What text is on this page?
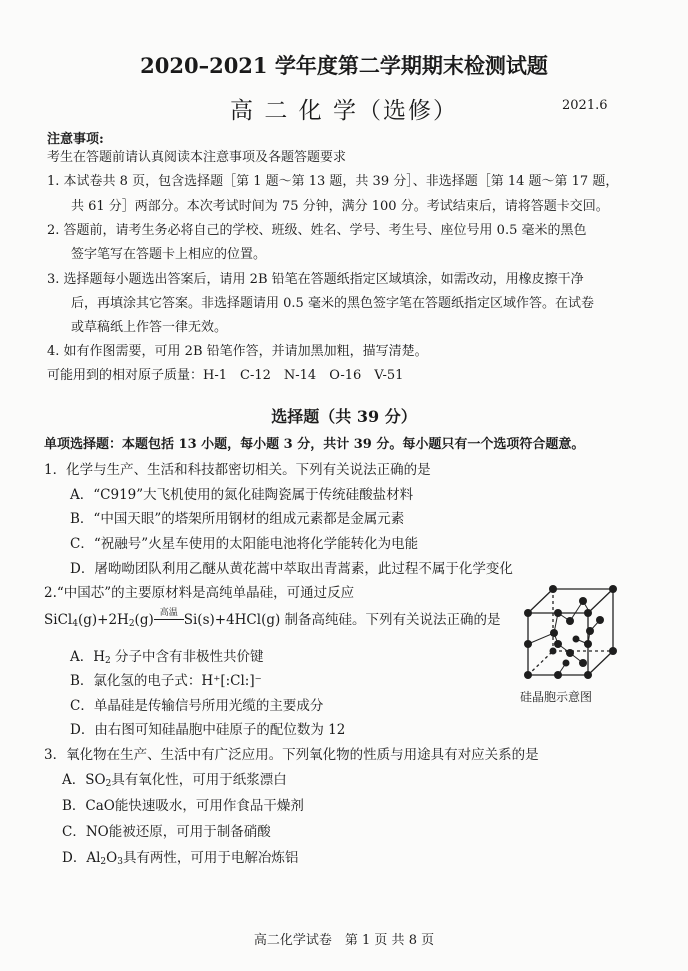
2020–2021 学年度第二学期期末检测试题
高 二 化 学（选修）	2021.6
注意事项:
考生在答题前请认真阅读本注意事项及各题答题要求
1. 本试卷共 8 页，包含选择题［第 1 题～第 13 题，共 39 分］、非选择题［第 14 题～第 17 题，
共 61 分］两部分。本次考试时间为 75 分钟，满分 100 分。考试结束后，请将答题卡交回。
2. 答题前，请考生务必将自己的学校、班级、姓名、学号、考生号、座位号用 0.5 毫米的黑色
签字笔写在答题卡上相应的位置。
3. 选择题每小题选出答案后，请用 2B 铅笔在答题纸指定区域填涂，如需改动，用橡皮擦干净
后，再填涂其它答案。非选择题请用 0.5 毫米的黑色签字笔在答题纸指定区域作答。在试卷
或草稿纸上作答一律无效。
4. 如有作图需要，可用 2B 铅笔作答，并请加黑加粗，描写清楚。
可能用到的相对原子质量：H-1　C-12　N-14　O-16　V-51
选择题（共 39 分）
单项选择题：本题包括 13 小题，每小题 3 分，共计 39 分。每小题只有一个选项符合题意。
1．化学与生产、生活和科技都密切相关。下列有关说法正确的是
A．“C919”大飞机使用的氮化硅陶瓷属于传统硅酸盐材料
B．“中国天眼”的塔架所用钢材的组成元素都是金属元素
C．“祝融号”火星车使用的太阳能电池将化学能转化为电能
D．屠呦呦团队利用乙醚从黄花蒿中萃取出青蒿素，此过程不属于化学变化
2.“中国芯”的主要原材料是高纯单晶硅，可通过反应
$SiCl_4(g)+2H_2(g)$ 高温 Si(s)+4HCl(g) 制备高纯硅。下列有关说法正确的是
A．$H_2$ 分子中含有非极性共价键
B．氯化氢的电子式：H⁺[:Cl:]⁻
C．单晶硅是传输信号所用光缆的主要成分
D．由右图可知硅晶胞中硅原子的配位数为 12
硅晶胞示意图
3．氧化物在生产、生活中有广泛应用。下列氧化物的性质与用途具有对应关系的是
A．$SO_2$具有氧化性，可用于纸浆漂白
B．CaO能快速吸水，可用作食品干燥剂
C．NO能被还原，可用于制备硝酸
D．$Al_2O_3$具有两性，可用于电解冶炼铝
高二化学试卷　第 1 页 共 8 页
